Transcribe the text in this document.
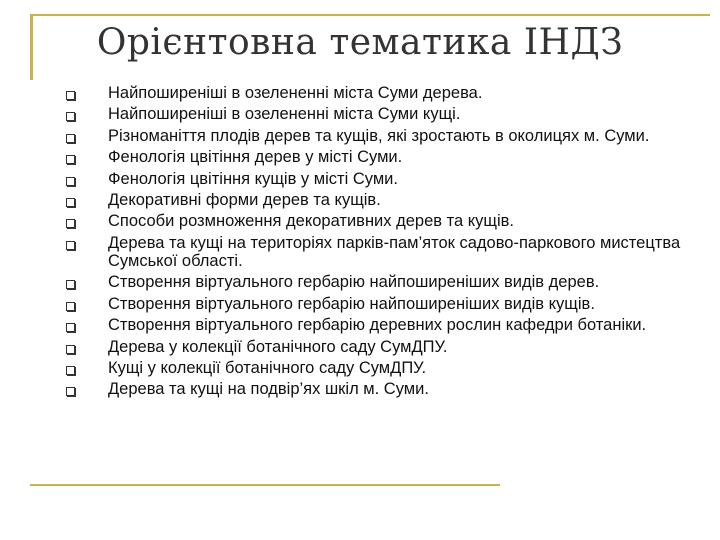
Орієнтовна тематика ІНДЗ
Найпоширеніші в озелененні міста Суми дерева.
Найпоширеніші в озелененні міста Суми кущі.
Різноманіття плодів дерев та кущів, які зростають в околицях м. Суми.
Фенологія цвітіння дерев у місті Суми.
Фенологія цвітіння кущів у місті Суми.
Декоративні форми дерев та кущів.
Способи розмноження декоративних дерев та кущів.
Дерева та кущі на територіях парків-пам’яток садово-паркового мистецтва Сумської області.
Створення віртуального гербарію найпоширеніших видів дерев.
Створення віртуального гербарію найпоширеніших видів кущів.
Створення віртуального гербарію деревних рослин кафедри ботаніки.
Дерева у колекції ботанічного саду СумДПУ.
Кущі у колекції ботанічного саду СумДПУ.
Дерева та кущі на подвір’ях шкіл м. Суми.
